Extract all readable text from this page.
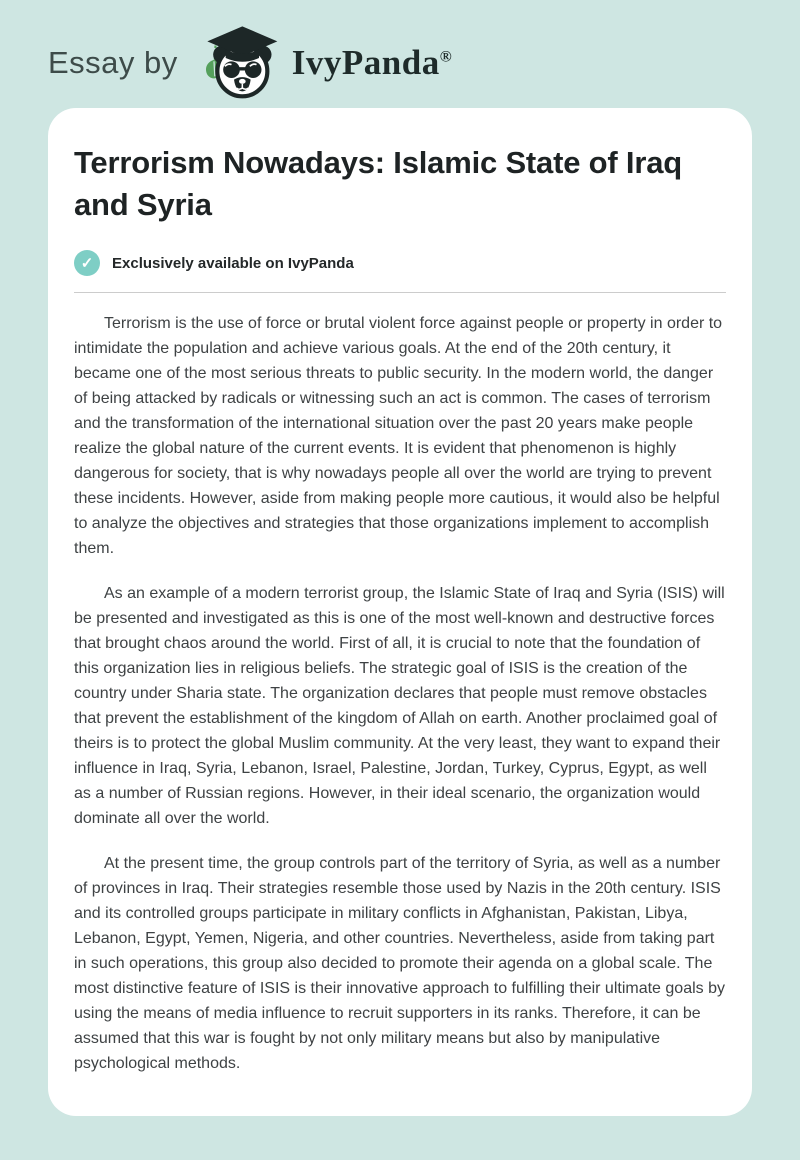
Essay by	IvyPanda®
Terrorism Nowadays: Islamic State of Iraq and Syria
✓	Exclusively available on IvyPanda

Terrorism is the use of force or brutal violent force against people or property in order to intimidate the population and achieve various goals. At the end of the 20th century, it became one of the most serious threats to public security. In the modern world, the danger of being attacked by radicals or witnessing such an act is common. The cases of terrorism and the transformation of the international situation over the past 20 years make people realize the global nature of the current events. It is evident that phenomenon is highly dangerous for society, that is why nowadays people all over the world are trying to prevent these incidents. However, aside from making people more cautious, it would also be helpful to analyze the objectives and strategies that those organizations implement to accomplish them.

As an example of a modern terrorist group, the Islamic State of Iraq and Syria (ISIS) will be presented and investigated as this is one of the most well-known and destructive forces that brought chaos around the world. First of all, it is crucial to note that the foundation of this organization lies in religious beliefs. The strategic goal of ISIS is the creation of the country under Sharia state. The organization declares that people must remove obstacles that prevent the establishment of the kingdom of Allah on earth. Another proclaimed goal of theirs is to protect the global Muslim community. At the very least, they want to expand their influence in Iraq, Syria, Lebanon, Israel, Palestine, Jordan, Turkey, Cyprus, Egypt, as well as a number of Russian regions. However, in their ideal scenario, the organization would dominate all over the world.

At the present time, the group controls part of the territory of Syria, as well as a number of provinces in Iraq. Their strategies resemble those used by Nazis in the 20th century. ISIS and its controlled groups participate in military conflicts in Afghanistan, Pakistan, Libya, Lebanon, Egypt, Yemen, Nigeria, and other countries. Nevertheless, aside from taking part in such operations, this group also decided to promote their agenda on a global scale. The most distinctive feature of ISIS is their innovative approach to fulfilling their ultimate goals by using the means of media influence to recruit supporters in its ranks. Therefore, it can be assumed that this war is fought by not only military means but also by manipulative psychological methods.
